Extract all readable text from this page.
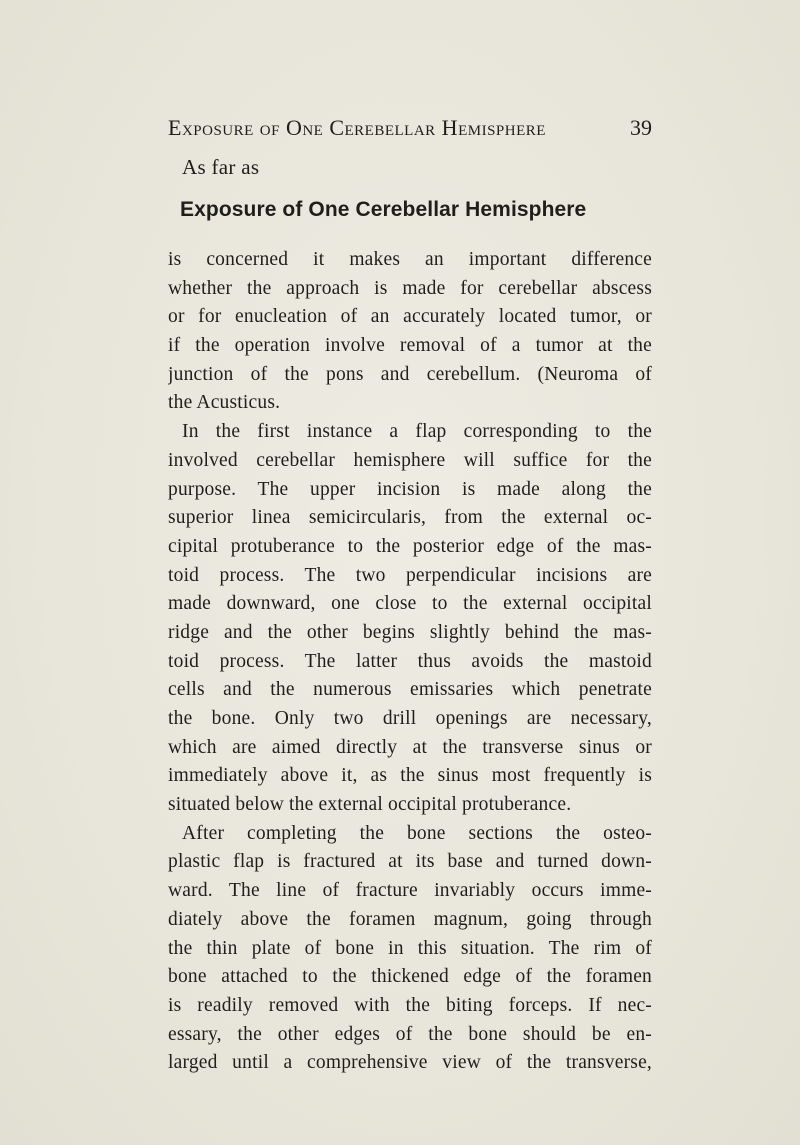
Exposure of One Cerebellar Hemisphere	39
As far as
Exposure of One Cerebellar Hemisphere
is concerned it makes an important difference
whether the approach is made for cerebellar abscess
or for enucleation of an accurately located tumor, or
if the operation involve removal of a tumor at the
junction of the pons and cerebellum. (Neuroma of
the Acusticus.
In the first instance a flap corresponding to the
involved cerebellar hemisphere will suffice for the
purpose. The upper incision is made along the
superior linea semicircularis, from the external oc-
cipital protuberance to the posterior edge of the mas-
toid process. The two perpendicular incisions are
made downward, one close to the external occipital
ridge and the other begins slightly behind the mas-
toid process. The latter thus avoids the mastoid
cells and the numerous emissaries which penetrate
the bone. Only two drill openings are necessary,
which are aimed directly at the transverse sinus or
immediately above it, as the sinus most frequently is
situated below the external occipital protuberance.
After completing the bone sections the osteo-
plastic flap is fractured at its base and turned down-
ward. The line of fracture invariably occurs imme-
diately above the foramen magnum, going through
the thin plate of bone in this situation. The rim of
bone attached to the thickened edge of the foramen
is readily removed with the biting forceps. If nec-
essary, the other edges of the bone should be en-
larged until a comprehensive view of the transverse,
